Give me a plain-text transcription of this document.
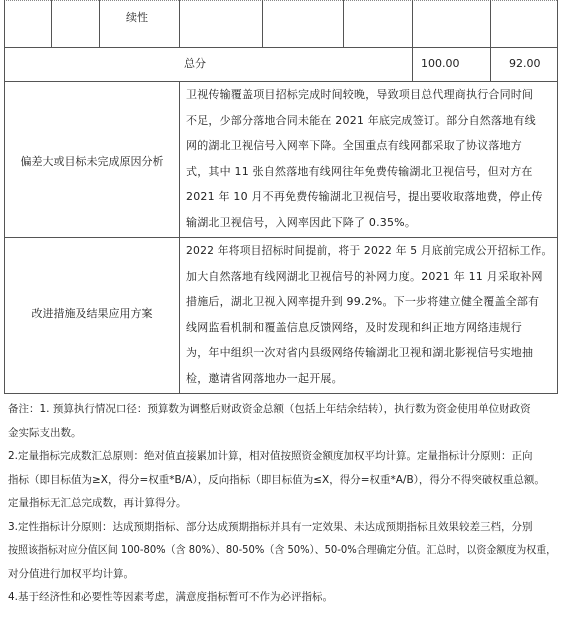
续性
总分	100.00	92.00
偏差大或目标未完成原因分析
卫视传输覆盖项目招标完成时间较晚，导致项目总代理商执行合同时间
不足，少部分落地合同未能在 2021 年底完成签订。部分自然落地有线
网的湖北卫视信号入网率下降。全国重点有线网都采取了协议落地方
式，其中 11 张自然落地有线网往年免费传输湖北卫视信号，但对方在
2021 年 10 月不再免费传输湖北卫视信号，提出要收取落地费，停止传
输湖北卫视信号，入网率因此下降了 0.35%。
改进措施及结果应用方案
2022 年将项目招标时间提前，将于 2022 年 5 月底前完成公开招标工作。
加大自然落地有线网湖北卫视信号的补网力度。2021 年 11 月采取补网
措施后，湖北卫视入网率提升到 99.2%。下一步将建立健全覆盖全部有
线网监看机制和覆盖信息反馈网络，及时发现和纠正地方网络违规行
为，年中组织一次对省内县级网络传输湖北卫视和湖北影视信号实地抽
检，邀请省网落地办一起开展。
备注：1. 预算执行情况口径：预算数为调整后财政资金总额（包括上年结余结转），执行数为资金使用单位财政资
金实际支出数。
2.定量指标完成数汇总原则：绝对值直接累加计算，相对值按照资金额度加权平均计算。定量指标计分原则：正向
指标（即目标值为≥X，得分=权重*B/A），反向指标（即目标值为≤X，得分=权重*A/B），得分不得突破权重总额。
定量指标无汇总完成数，再计算得分。
3.定性指标计分原则：达成预期指标、部分达成预期指标并具有一定效果、未达成预期指标且效果较差三档，分别
按照该指标对应分值区间 100-80%（含 80%）、80-50%（含 50%）、50-0%合理确定分值。汇总时，以资金额度为权重，
对分值进行加权平均计算。
4.基于经济性和必要性等因素考虑，满意度指标暂可不作为必评指标。
